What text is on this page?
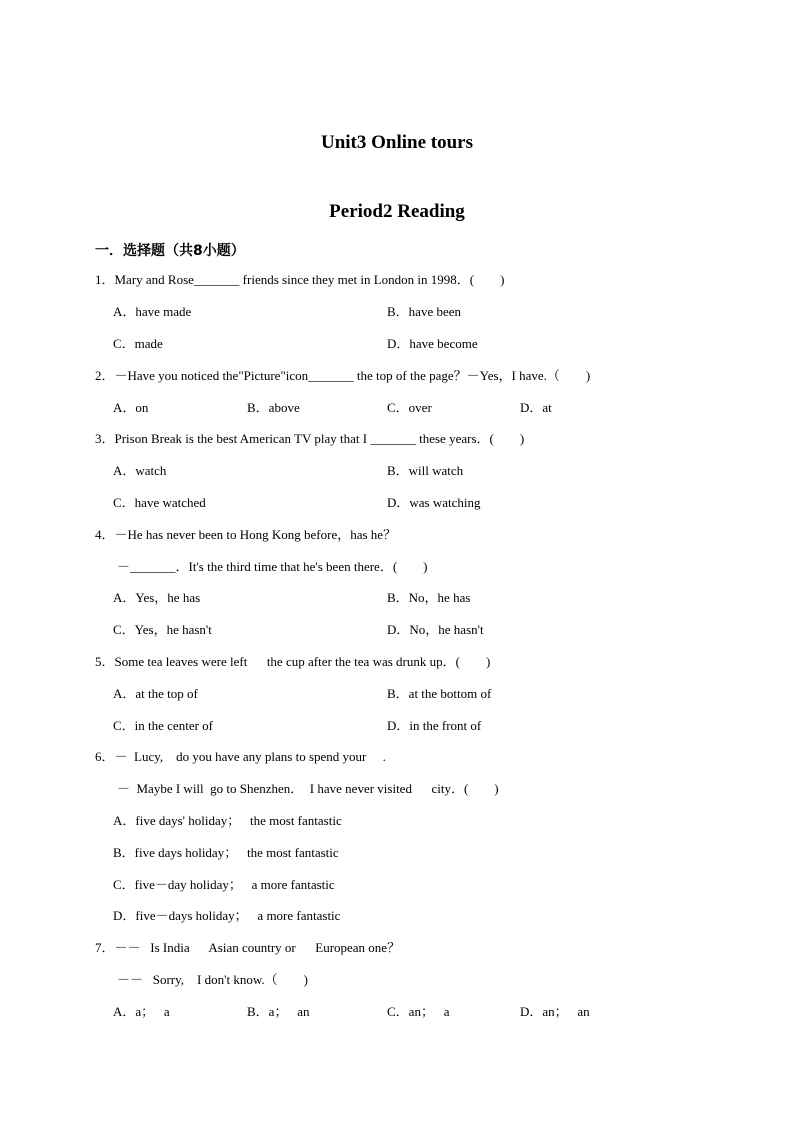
Unit3 Online tours
Period2 Reading
一．选择题（共8小题）
1．Mary and Rose_______ friends since they met in London in 1998．(        )
A．have made	B．have been
C．made	D．have become
2．－Have you noticed the"Picture"icon_______ the top of the page？－Yes，I have.（        )
A．on	B．above	C．over	D．at
3．Prison Break is the best American TV play that I _______ these years．(        )
A．watch	B．will watch
C．have watched	D．was watching
4．－He has never been to Hong Kong before，has he？
－_______．It's the third time that he's been there．(        )
A．Yes，he has	B．No，he has
C．Yes，he hasn't	D．No，he hasn't
5．Some tea leaves were left      the cup after the tea was drunk up．(        )
A．at the top of	B．at the bottom of
C．in the center of	D．in the front of
6．－  Lucy,    do you have any plans to spend your     .
－  Maybe I will  go to Shenzhen．  I have never visited      city．(        )
A．five days' holiday；   the most fantastic
B．five days holiday；   the most fantastic
C．five－day holiday；   a more fantastic
D．five－days holiday；   a more fantastic
7．－－   Is India      Asian country or      European one？
－－   Sorry,    I don't know.（        )
A．a；   a	B．a；   an	C．an；   a	D．an；   an
